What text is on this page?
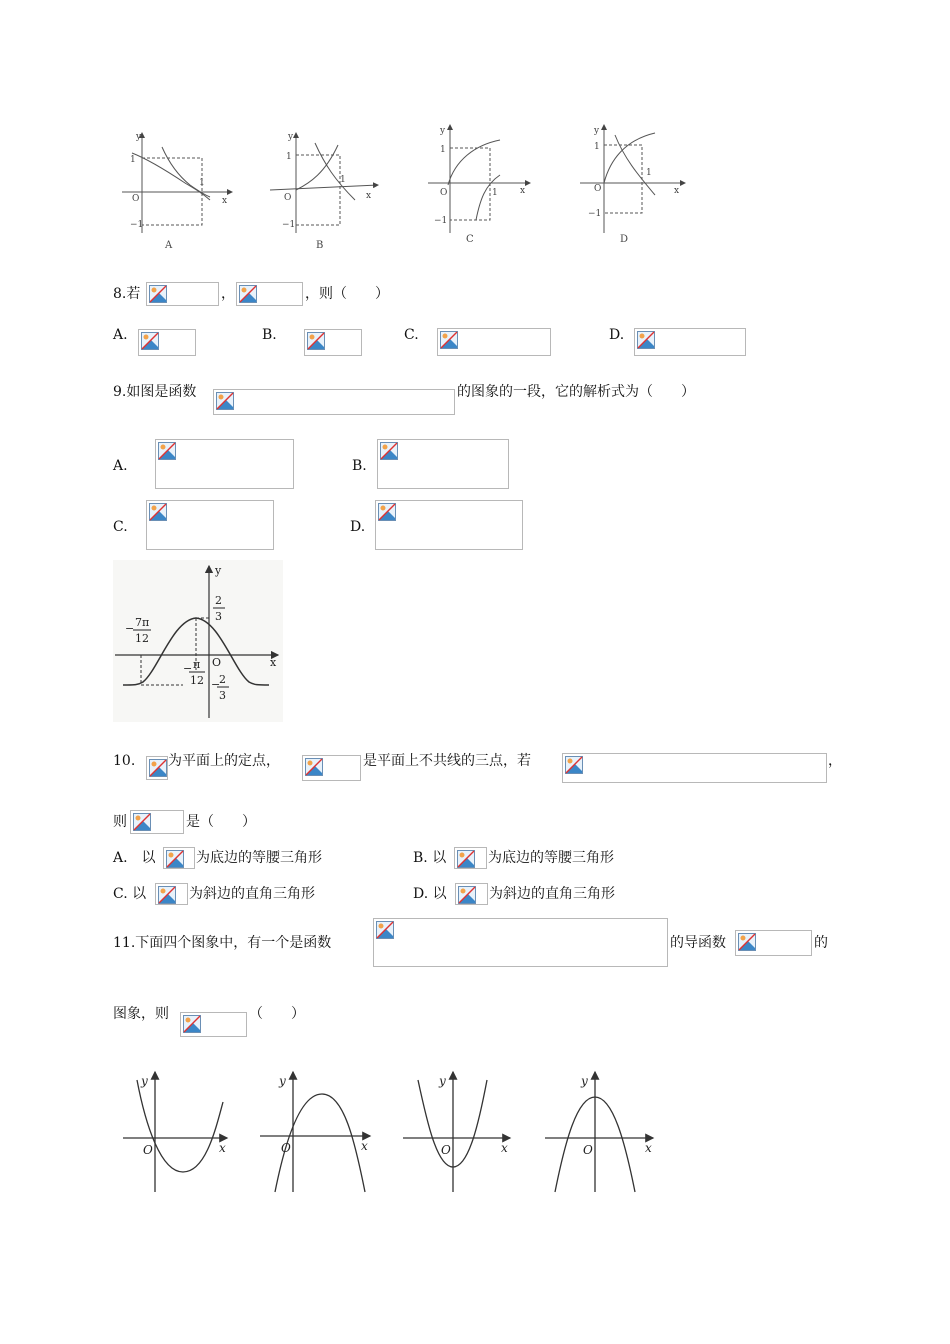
y
1
O
−1
1
x
y
1
O
−1
1
x
y
1
O
−1
1 x
y
1
O
−1
1
x
A	B
C	D
8.若	，	，则（　　）
A.	B.	C.	D.
9.如图是函数	的图象的一段，它的解析式为（　　）
A.	B.
C.	D.
y
x
O
2
3
− 7π
12
− π
12 −
2
3
10. 为平面上的定点，	是平面上不共线的三点，若	，
则	是（　　）
A.　以	为底边的等腰三角形	B. 以	为底边的等腰三角形
C. 以	为斜边的直角三角形	D. 以	为斜边的直角三角形
11.下面四个图象中，有一个是函数	的导函数	的
图象，则	（　　）
y
x
O
y
x
O
y
x
O
y
x
O
